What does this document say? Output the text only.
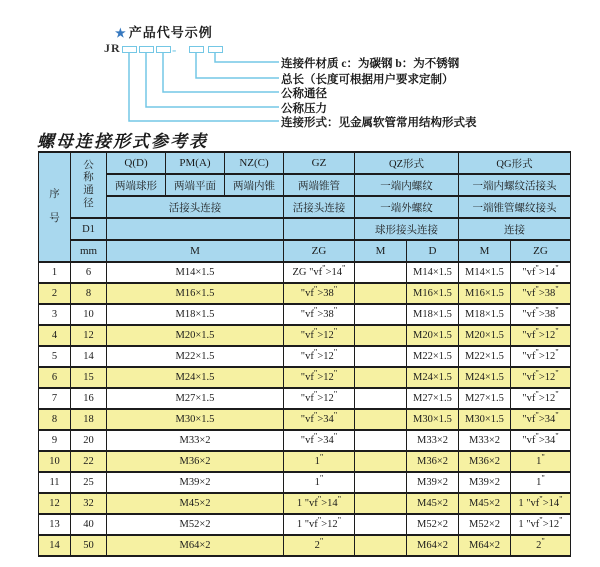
★ 产品代号示例
JR	-
连接件材质 c：为碳钢 b：为不锈钢
总长（长度可根据用户要求定制）
公称通径
公称压力
连接形式：见金属软管常用结构形式表
螺母连接形式参考表
序号	公称通径	Q(D)	PM(A)	NZ(C)	GZ	QZ形式		QG形式	
		两端球形	两端平面	两端内锥	两端锥管	一端内螺纹		一端内螺纹活接头	
		活接头连接			活接头连接	一端外螺纹		一端锥管螺纹接头	
	D1					球形接头连接		连接	
	mm	M			ZG	M	D	M	ZG
1	6	M14×1.5			ZG "vf">14"		M14×1.5	M14×1.5	"vf">14"
2	8	M16×1.5			"vf">38"		M16×1.5	M16×1.5	"vf">38"
3	10	M18×1.5			"vf">38"		M18×1.5	M18×1.5	"vf">38"
4	12	M20×1.5			"vf">12"		M20×1.5	M20×1.5	"vf">12"
5	14	M22×1.5			"vf">12"		M22×1.5	M22×1.5	"vf">12"
6	15	M24×1.5			"vf">12"		M24×1.5	M24×1.5	"vf">12"
7	16	M27×1.5			"vf">12"		M27×1.5	M27×1.5	"vf">12"
8	18	M30×1.5			"vf">34"		M30×1.5	M30×1.5	"vf">34"
9	20	M33×2			"vf">34"		M33×2	M33×2	"vf">34"
10	22	M36×2			1"		M36×2	M36×2	1"
11	25	M39×2			1"		M39×2	M39×2	1"
12	32	M45×2			1 "vf">14"		M45×2	M45×2	1 "vf">14"
13	40	M52×2			1 "vf">12"		M52×2	M52×2	1 "vf">12"
14	50	M64×2			2"		M64×2	M64×2	2"
